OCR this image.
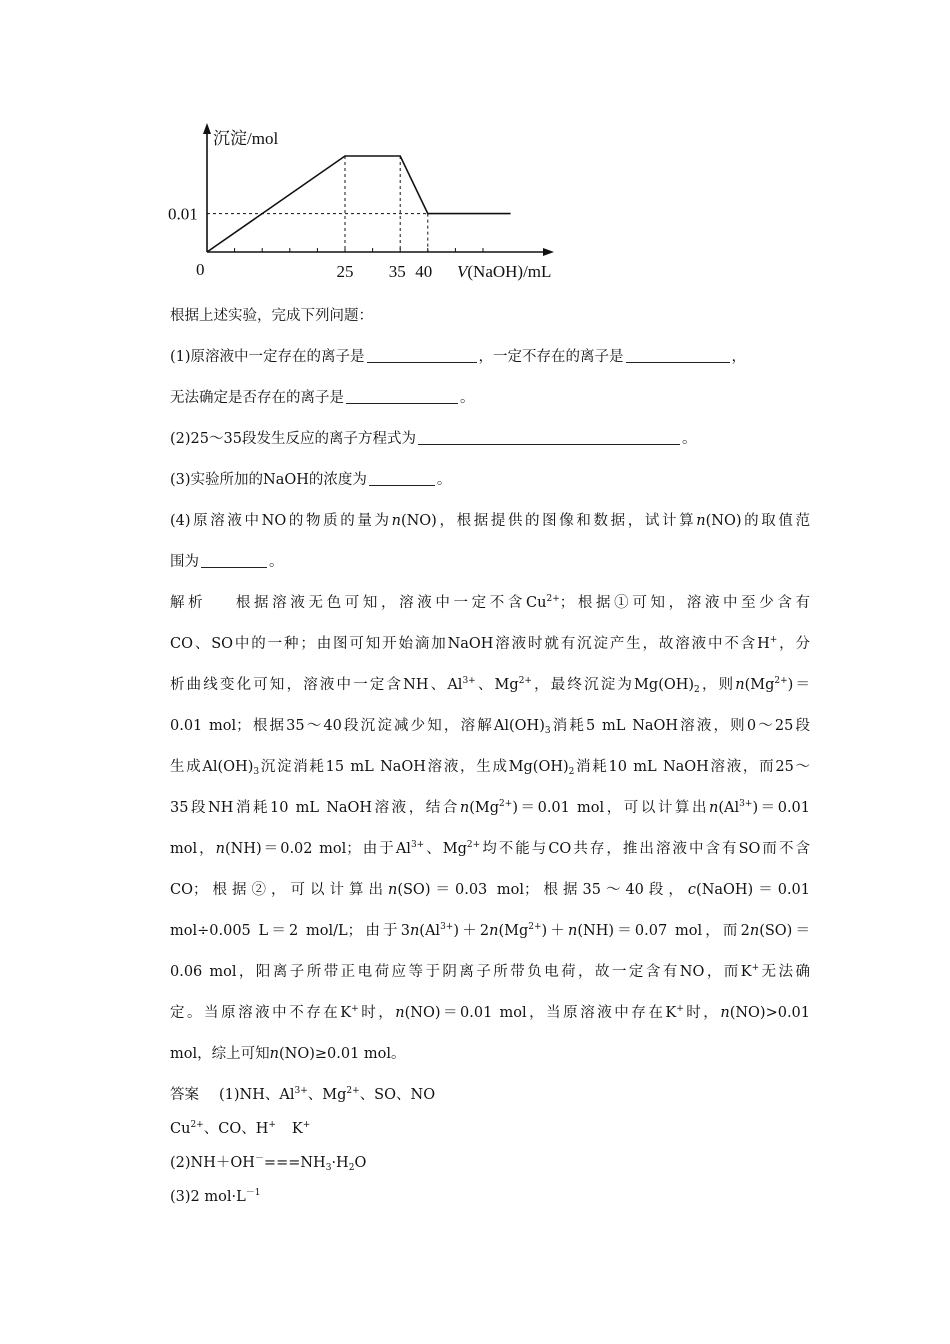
沉淀/mol
0.01
0	25 35 40 V(NaOH)/mL
根据上述实验，完成下列问题：
(1)原溶液中一定存在的离子是	，一定不存在的离子是	，
无法确定是否存在的离子是	。
(2)25～35段发生反应的离子方程式为	。
(3)实验所加的NaOH的浓度为	。
(4)原溶液中NO的物质的量为n(NO)，根据提供的图像和数据，试计算n(NO)的取值范
围为	。
解析 根据溶液无色可知，溶液中一定不含$Cu^{2+}$；根据①可知，溶液中至少含有
CO、SO中的一种；由图可知开始滴加NaOH溶液时就有沉淀产生，故溶液中不含H+，分
析曲线变化可知，溶液中一定含NH、$Al^{3+}$、$Mg^{2+}$，最终沉淀为$Mg(OH)_2$，则$n(Mg^{2+})=$
0.01 mol；根据35～40段沉淀减少知，溶解$Al(OH)_3$消耗5 mL NaOH溶液，则0～25段
生成$Al(OH)_3$沉淀消耗15 mL NaOH溶液，生成$Mg(OH)_2$消耗10 mL NaOH溶液，而25～
35段NH消耗10 mL NaOH溶液，结合$n(Mg^{2+})=0.01$ mol，可以计算出$n(Al^{3+})=0.01$
mol，n(NH)＝0.02 mol；由于$Al^{3+}$、$Mg^{2+}$均不能与CO共存，推出溶液中含有SO而不含
CO；根据②，可以计算出n(SO)＝0.03 mol；根据35～40段，c(NaOH)＝0.01
mol÷0.005 L＝2 mol/L；由于$3n(Al^{3+})+2n(Mg^{2+})+n(NH)=0.07$ mol，而2n(SO)＝
0.06 mol，阳离子所带正电荷应等于阴离子所带负电荷，故一定含有NO，而K+无法确
定。当原溶液中不存在K+时，n(NO)＝0.01 mol，当原溶液中存在K+时，n(NO)>0.01
mol，综上可知n(NO)≥0.01 mol。
答案 (1)NH、$Al^{3+}$、$Mg^{2+}$、SO、NO
$Cu^{2+}$、CO、H+ K+
$(2)NH+OH^-===NH_3\cdot H_2O$
(3)2 $mol\cdot L^{-1}$
